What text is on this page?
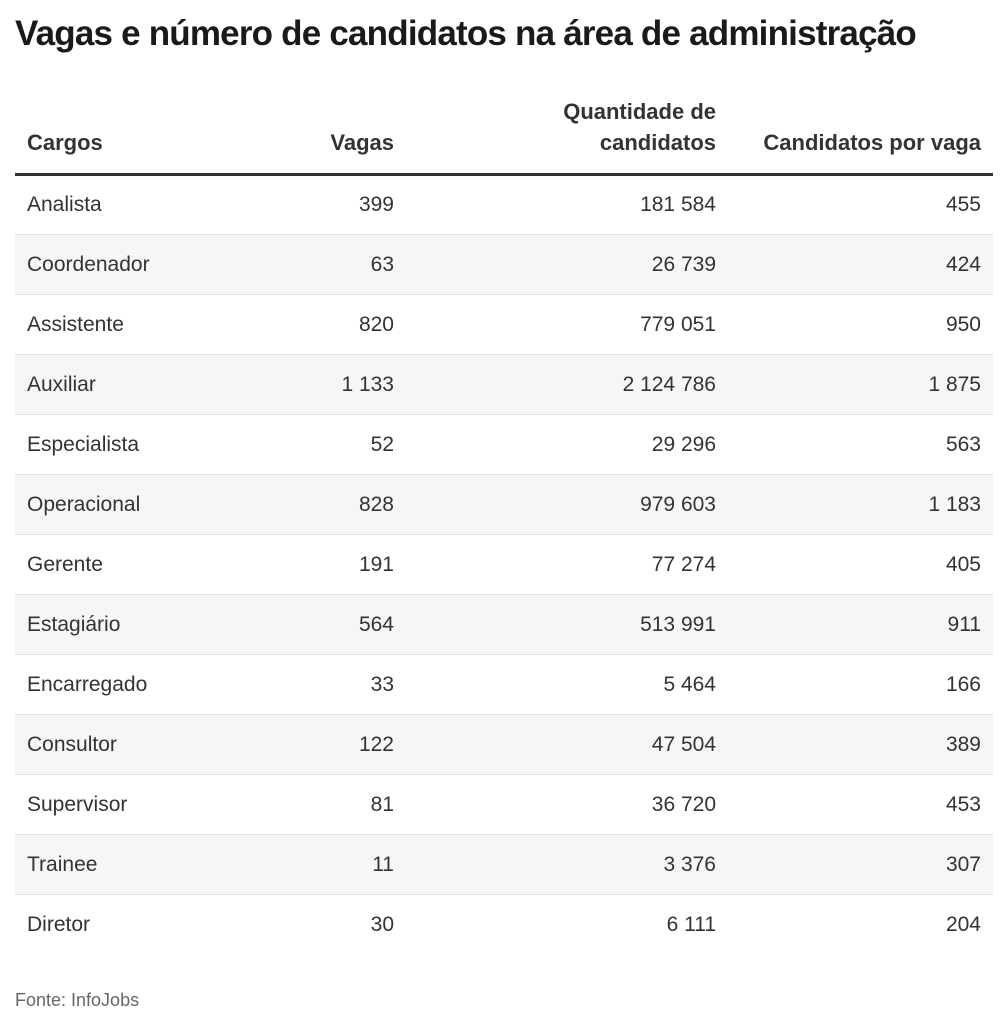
Vagas e número de candidatos na área de administração
Cargos	Vagas	Quantidade de candidatos	Candidatos por vaga
Analista	399	181 584	455
Coordenador	63	26 739	424
Assistente	820	779 051	950
Auxiliar	1 133	2 124 786	1 875
Especialista	52	29 296	563
Operacional	828	979 603	1 183
Gerente	191	77 274	405
Estagiário	564	513 991	911
Encarregado	33	5 464	166
Consultor	122	47 504	389
Supervisor	81	36 720	453
Trainee	11	3 376	307
Diretor	30	6 111	204
Fonte: InfoJobs
